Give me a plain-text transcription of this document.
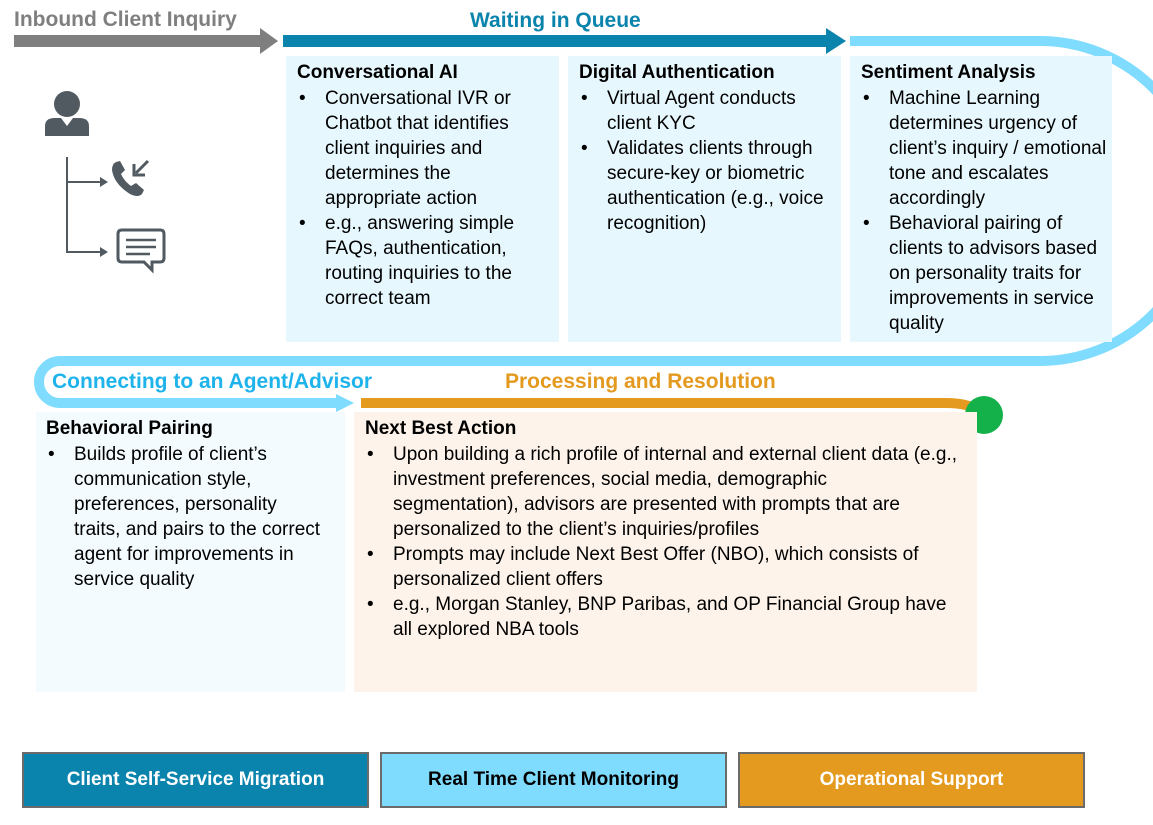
Inbound Client Inquiry	Waiting in Queue
Connecting to an Agent/Advisor	Processing and Resolution
Conversational AI
• Conversational IVR or Chatbot that identifies client inquiries and determines the appropriate action
• e.g., answering simple FAQs, authentication, routing inquiries to the correct team
Digital Authentication
• Virtual Agent conducts client KYC
• Validates clients through secure-key or biometric authentication (e.g., voice recognition)
Sentiment Analysis
• Machine Learning determines urgency of client’s inquiry / emotional tone and escalates accordingly
• Behavioral pairing of clients to advisors based on personality traits for improvements in service quality
Behavioral Pairing
• Builds profile of client’s communication style, preferences, personality traits, and pairs to the correct agent for improvements in service quality
Next Best Action
• Upon building a rich profile of internal and external client data (e.g., investment preferences, social media, demographic segmentation), advisors are presented with prompts that are personalized to the client’s inquiries/profiles
• Prompts may include Next Best Offer (NBO), which consists of personalized client offers
• e.g., Morgan Stanley, BNP Paribas, and OP Financial Group have all explored NBA tools
Client Self-Service Migration	Real Time Client Monitoring	Operational Support
